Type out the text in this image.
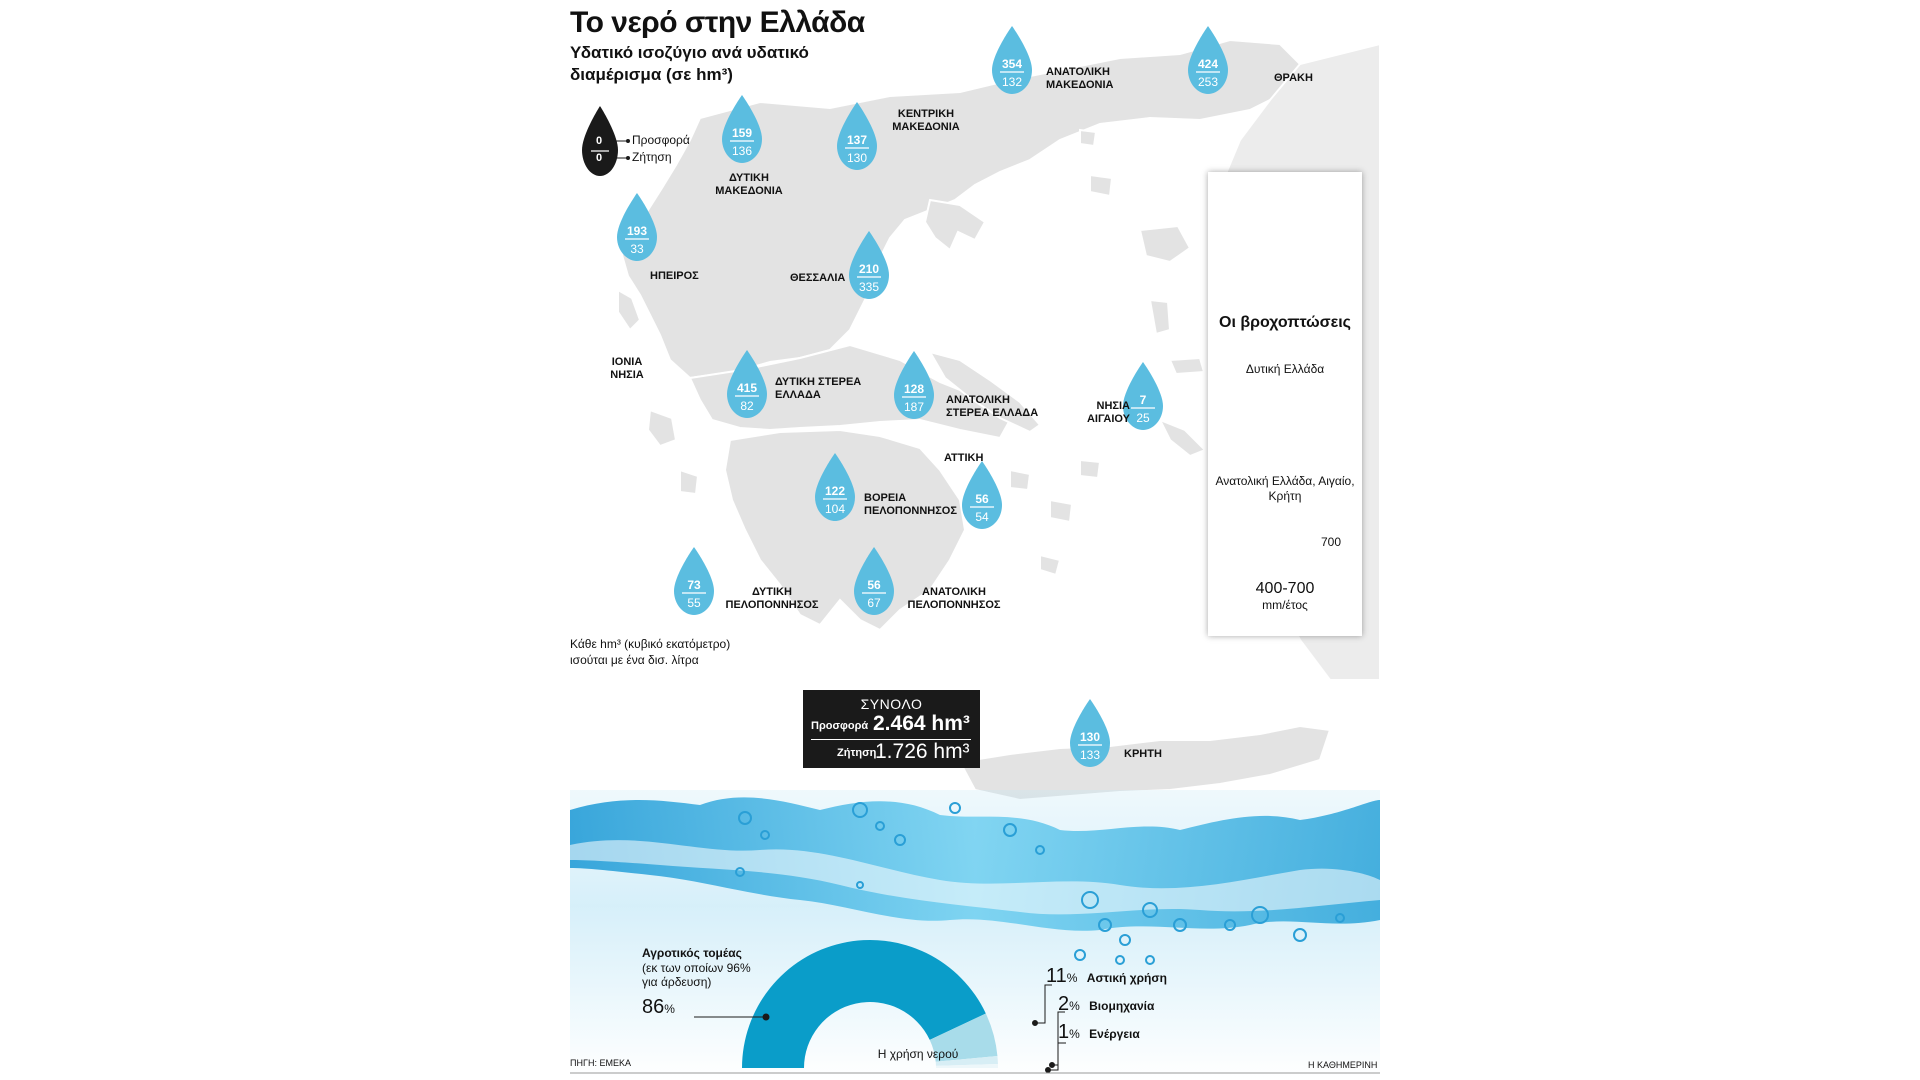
354
132
424
253
159
136
137
130
193
33
210
335
415
82
128
187	7
25
122
104
56
54
73
55
56
67
130
133
Το νερό στην Ελλάδα
Υδατικό ισοζύγιο ανά υδατικό διαμέρισμα (σε hm³)
0
0
Προσφορά
Ζήτηση
ΑΝΑΤΟΛΙΚΗ ΜΑΚΕΔΟΝΙΑ
ΘΡΑΚΗ
ΔΥΤΙΚΗ ΜΑΚΕΔΟΝΙΑ
ΚΕΝΤΡΙΚΗ ΜΑΚΕΔΟΝΙΑ
ΗΠΕΙΡΟΣ	ΘΕΣΣΑΛΙΑ
ΔΥΤΙΚΗ ΣΤΕΡΕΑ ΕΛΛΑΔΑ	ΑΝΑΤΟΛΙΚΗ ΣΤΕΡΕΑ ΕΛΛΑΔΑ
ΝΗΣΙΑ ΑΙΓΑΙΟΥ
ΒΟΡΕΙΑ ΠΕΛΟΠΟΝΝΗΣΟΣ
ΑΤΤΙΚΗ
ΔΥΤΙΚΗ ΠΕΛΟΠΟΝΝΗΣΟΣ
ΑΝΑΤΟΛΙΚΗ ΠΕΛΟΠΟΝΝΗΣΟΣ
ΚΡΗΤΗ
ΙΟΝΙΑ ΝΗΣΙΑ
Κάθε hm³ (κυβικό εκατόμετρο) ισούται με ένα δισ. λίτρα
Οι βροχοπτώσεις
Δυτική Ελλάδα
Ανατολική Ελλάδα, Αιγαίο, Κρήτη
1.200
mm/έτος
400 700
400-700
mm/έτος
ΣΥΝΟΛΟ
Προσφορά 2.464 hm³
Ζήτηση
1.726 hm³
Αγροτικός τομέας
(εκ των οποίων 96% για άρδευση)
86%
11% Αστική χρήση
2% Βιομηχανία
1% Ενέργεια
Η χρήση νερού
ΠΗΓΗ: ΕΜΕΚΑ	Η ΚΑΘΗΜΕΡΙΝΗ
